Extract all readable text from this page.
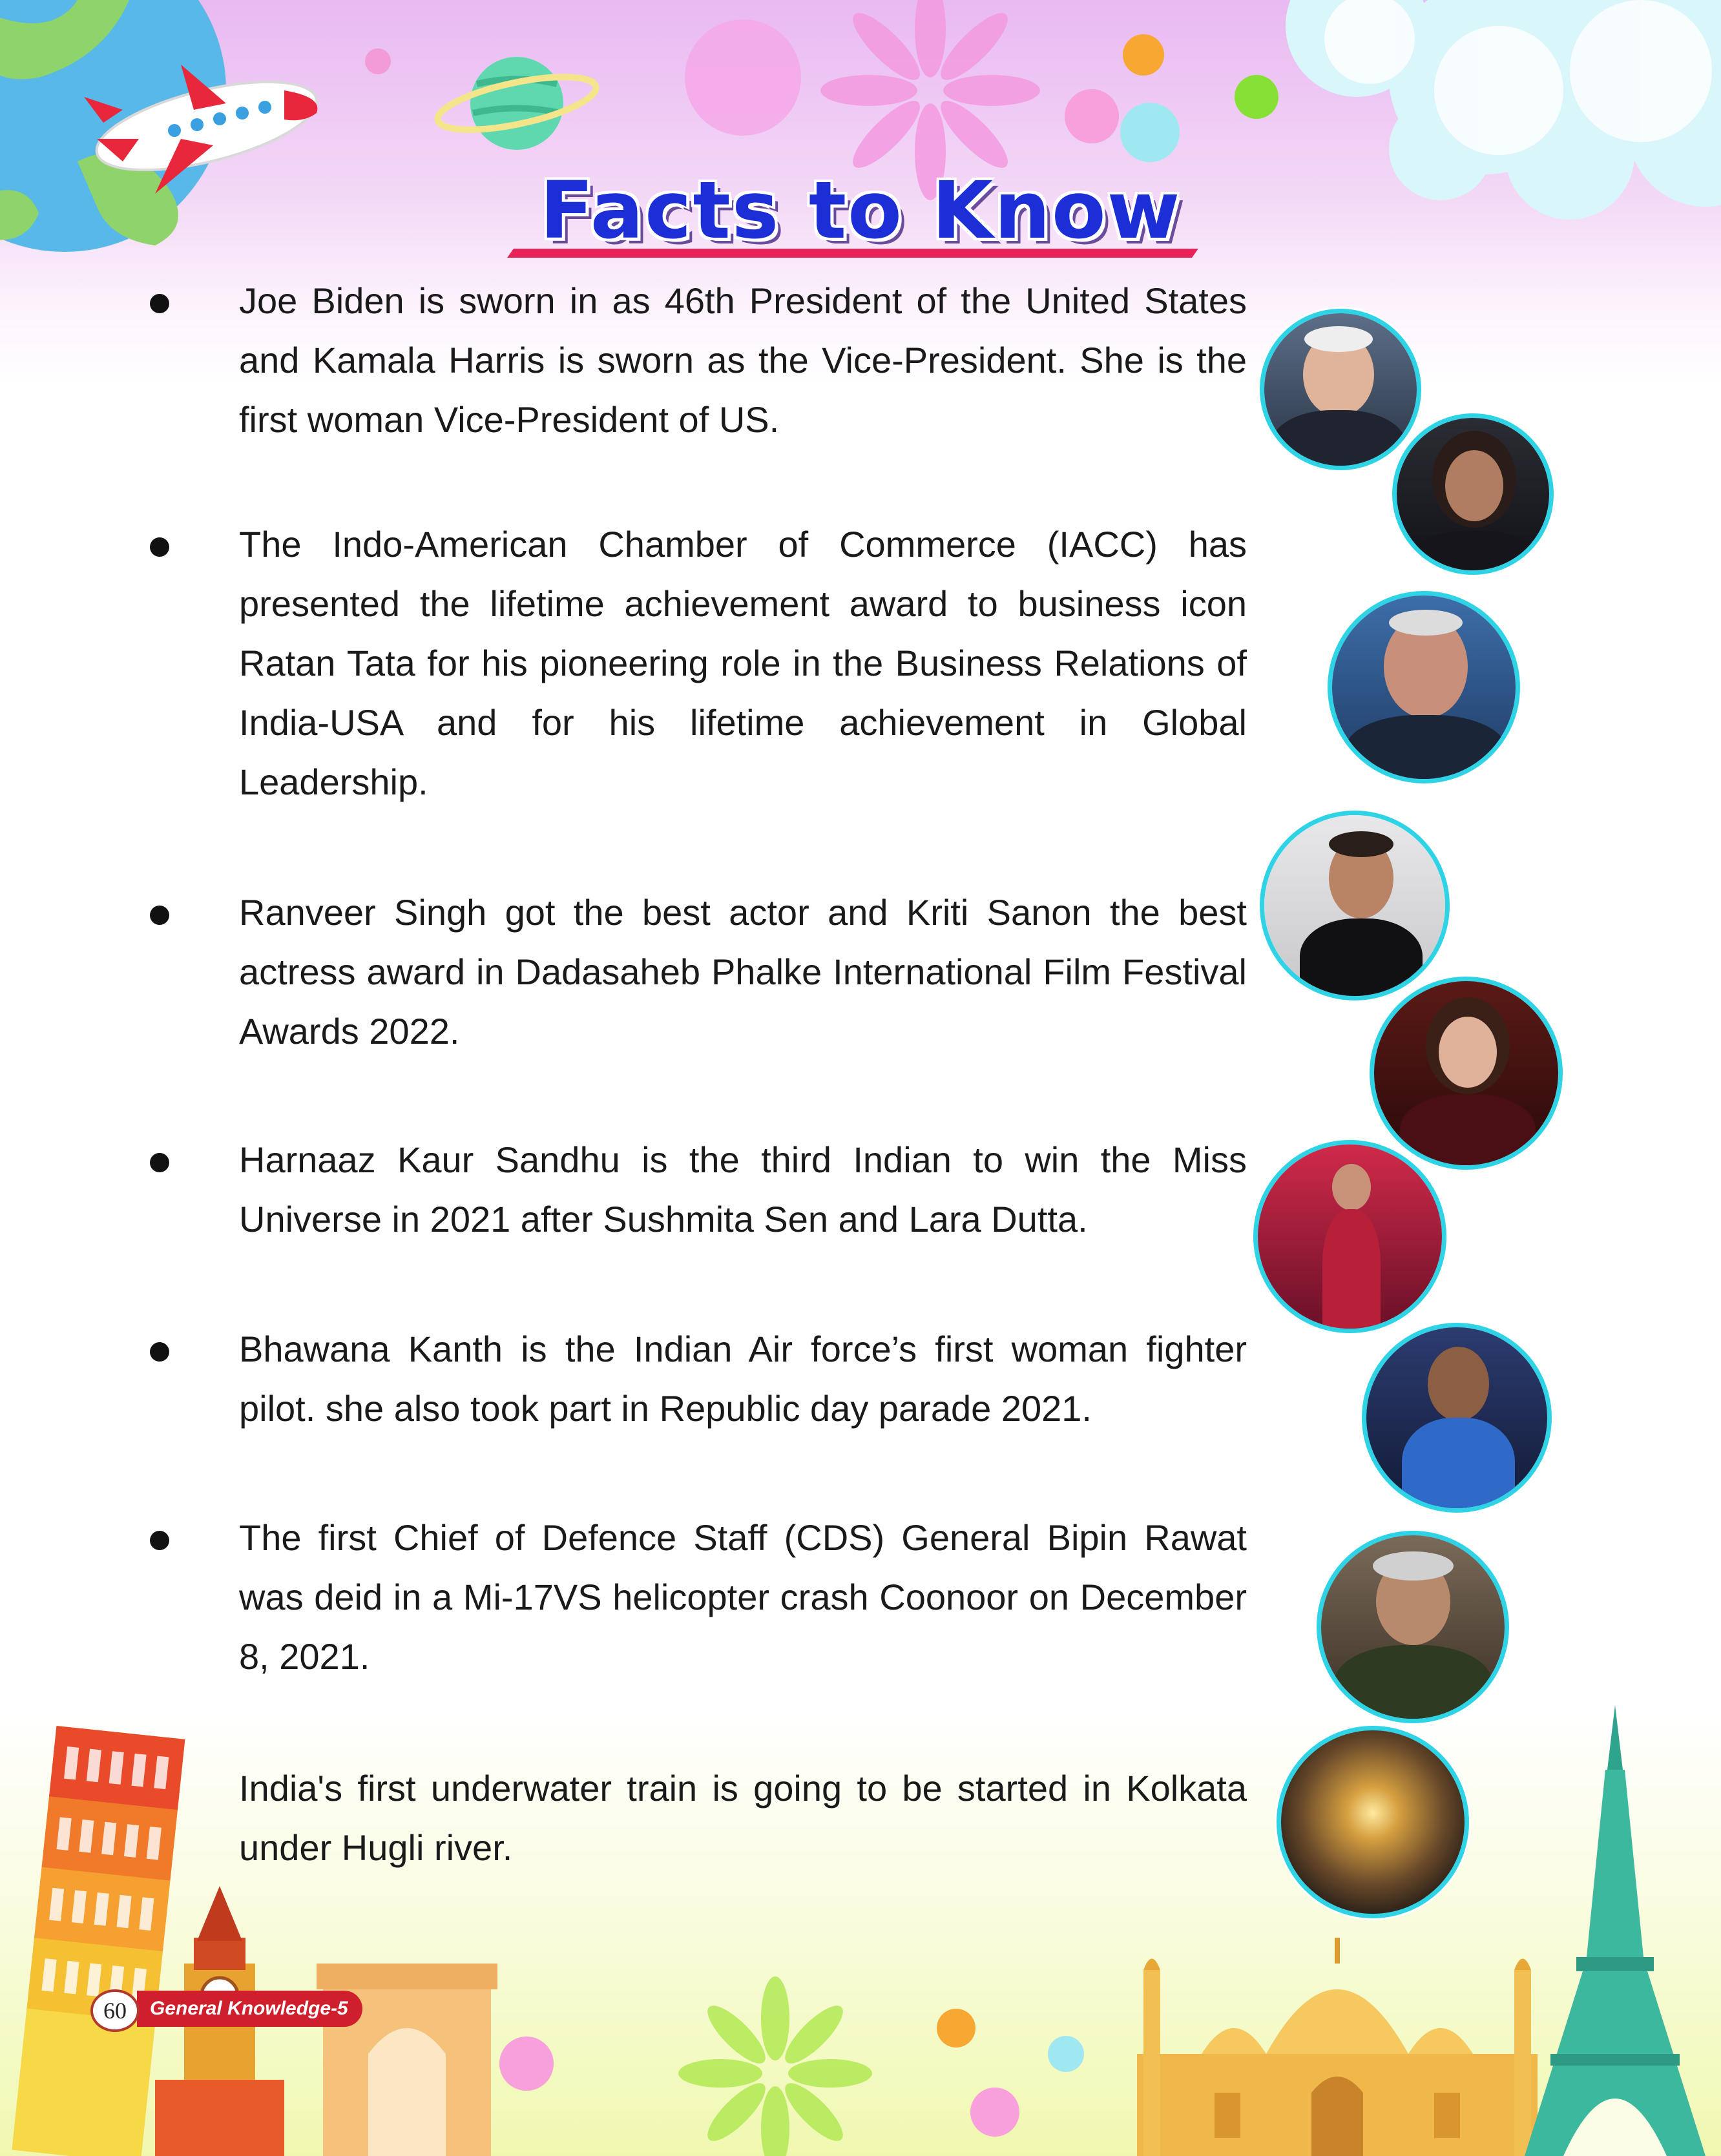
Facts to Know
Joe Biden is sworn in as 46th President of the United States and Kamala Harris is sworn as the Vice-President. She is the first woman Vice-President of US.
The Indo-American Chamber of Commerce (IACC) has presented the lifetime achievement award to business icon Ratan Tata for his pioneering role in the Business Relations of India-USA and for his lifetime achievement in Global Leadership.
Ranveer Singh got the best actor and Kriti Sanon the best actress award in Dadasaheb Phalke International Film Festival Awards 2022.
Harnaaz Kaur Sandhu is the third Indian to win the Miss Universe in 2021 after Sushmita Sen and Lara Dutta.
Bhawana Kanth is the Indian Air force’s first woman fighter pilot. she also took part in Republic day parade 2021.
The first Chief of Defence Staff (CDS) General Bipin Rawat was deid in a Mi-17VS helicopter crash Coonoor on December 8, 2021.
India's first underwater train is going to be started in Kolkata under Hugli river.
General Knowledge-5
60
